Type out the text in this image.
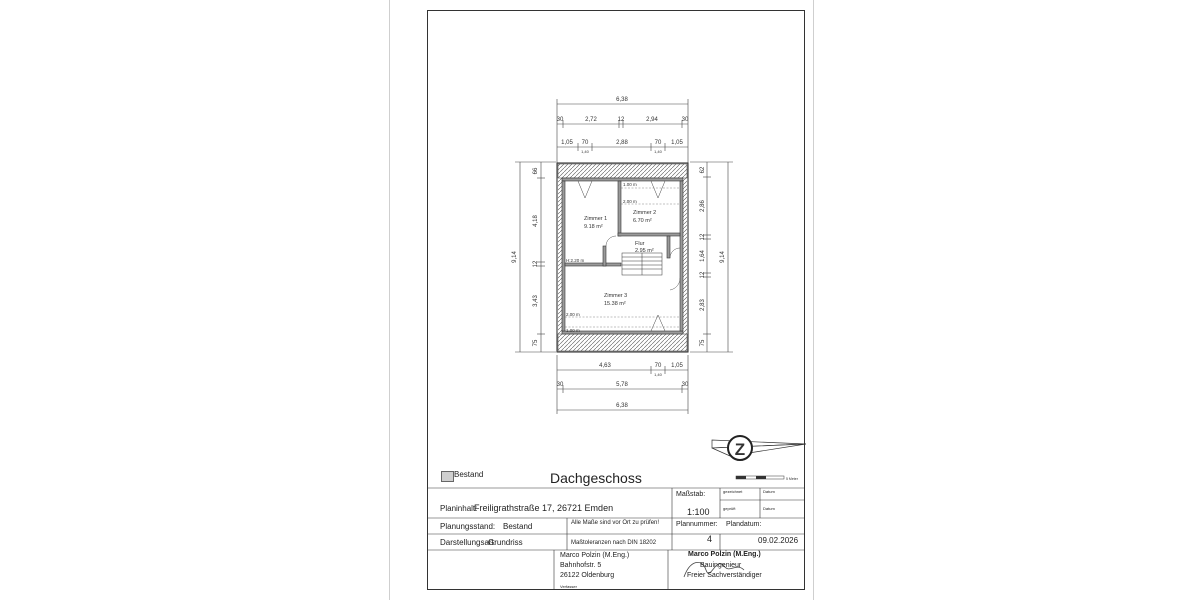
6,38
30	2,72	12	2,94	30
1,05 70	2,88	70 1,05
1,40	1,40
4,63	70 1,05
1,40
30	5,78	30
6,38
9,14
66
4,18
12
3,43
75
62
2,86
12
1,64
12
2,83
75
9,14
Zimmer 1
9.18 m²
Zimmer 2
6.70 m²
Flur
2.95 m²
Zimmer 3
15.38 m²
1.00 m
2.00 m
H:2.20 m
2.00 m
1.00 m
Z
5 Meter
Bestand	Dachgeschoss
Planinhalt:
Freiligrathstraße 17, 26721 Emden
Maßstab:
1:100
gezeichnet	Datum
geprüft	Datum
Planungsstand: Bestand	Alle Maße sind vor Ort zu prüfen! Plannummer:
4
Plandatum:
09.02.2026
Darstellungsart:
Grundriss	Maßtoleranzen nach DIN 18202
Marco Polzin (M.Eng.)
Bahnhofstr. 5
26122 Oldenburg
Verfasser
Marco Polzin (M.Eng.)
Bauingenieur
Freier Sachverständiger
